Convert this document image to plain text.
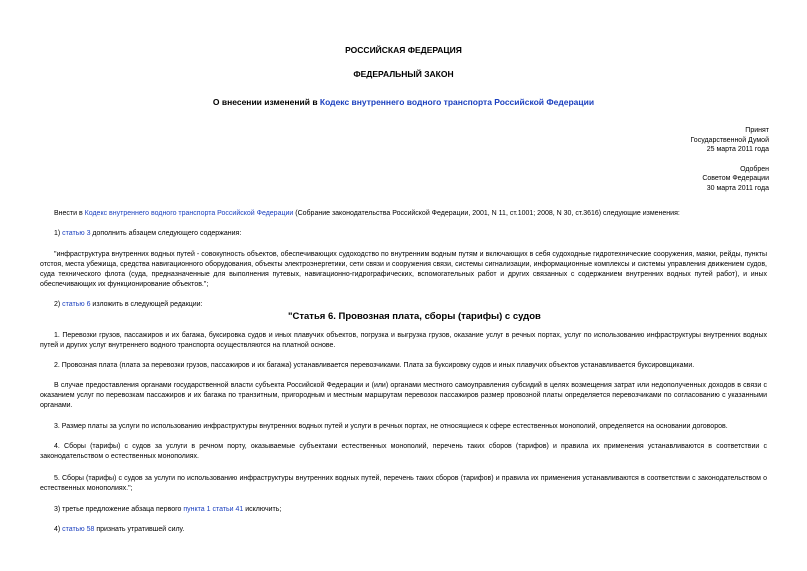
РОССИЙСКАЯ ФЕДЕРАЦИЯ
ФЕДЕРАЛЬНЫЙ ЗАКОН
О внесении изменений в Кодекс внутреннего водного транспорта Российской Федерации
Принят
Государственной Думой
25 марта 2011 года
Одобрен
Советом Федерации
30 марта 2011 года
Внести в Кодекс внутреннего водного транспорта Российской Федерации (Собрание законодательства Российской Федерации, 2001, N 11, ст.1001; 2008, N 30, ст.3616) следующие изменения:
1) статью 3 дополнить абзацем следующего содержания:
"инфраструктура внутренних водных путей - совокупность объектов, обеспечивающих судоходство по внутренним водным путям и включающих в себя судоходные гидротехнические сооружения, маяки, рейды, пункты отстоя, места убежища, средства навигационного оборудования, объекты электроэнергетики, сети связи и сооружения связи, системы сигнализации, информационные комплексы и системы управления движением судов, суда технического флота (суда, предназначенные для выполнения путевых, навигационно-гидрографических, вспомогательных работ и других связанных с содержанием внутренних водных путей работ), и иных обеспечивающих их функционирование объектов.";
2) статью 6 изложить в следующей редакции:
"Статья 6. Провозная плата, сборы (тарифы) с судов
1. Перевозки грузов, пассажиров и их багажа, буксировка судов и иных плавучих объектов, погрузка и выгрузка грузов, оказание услуг в речных портах, услуг по использованию инфраструктуры внутренних водных путей и других услуг внутреннего водного транспорта осуществляются на платной основе.
2. Провозная плата (плата за перевозки грузов, пассажиров и их багажа) устанавливается перевозчиками. Плата за буксировку судов и иных плавучих объектов устанавливается буксировщиками.
В случае предоставления органами государственной власти субъекта Российской Федерации и (или) органами местного самоуправления субсидий в целях возмещения затрат или недополученных доходов в связи с оказанием услуг по перевозкам пассажиров и их багажа по транзитным, пригородным и местным маршрутам перевозок пассажиров размер провозной платы определяется перевозчиками по согласованию с указанными органами.
3. Размер платы за услуги по использованию инфраструктуры внутренних водных путей и услуги в речных портах, не относящиеся к сфере естественных монополий, определяется на основании договоров.
4. Сборы (тарифы) с судов за услуги в речном порту, оказываемые субъектами естественных монополий, перечень таких сборов (тарифов) и правила их применения устанавливаются в соответствии с законодательством о естественных монополиях.
5. Сборы (тарифы) с судов за услуги по использованию инфраструктуры внутренних водных путей, перечень таких сборов (тарифов) и правила их применения устанавливаются в соответствии с законодательством о естественных монополиях.";
3) третье предложение абзаца первого пункта 1 статьи 41 исключить;
4) статью 58 признать утратившей силу.
